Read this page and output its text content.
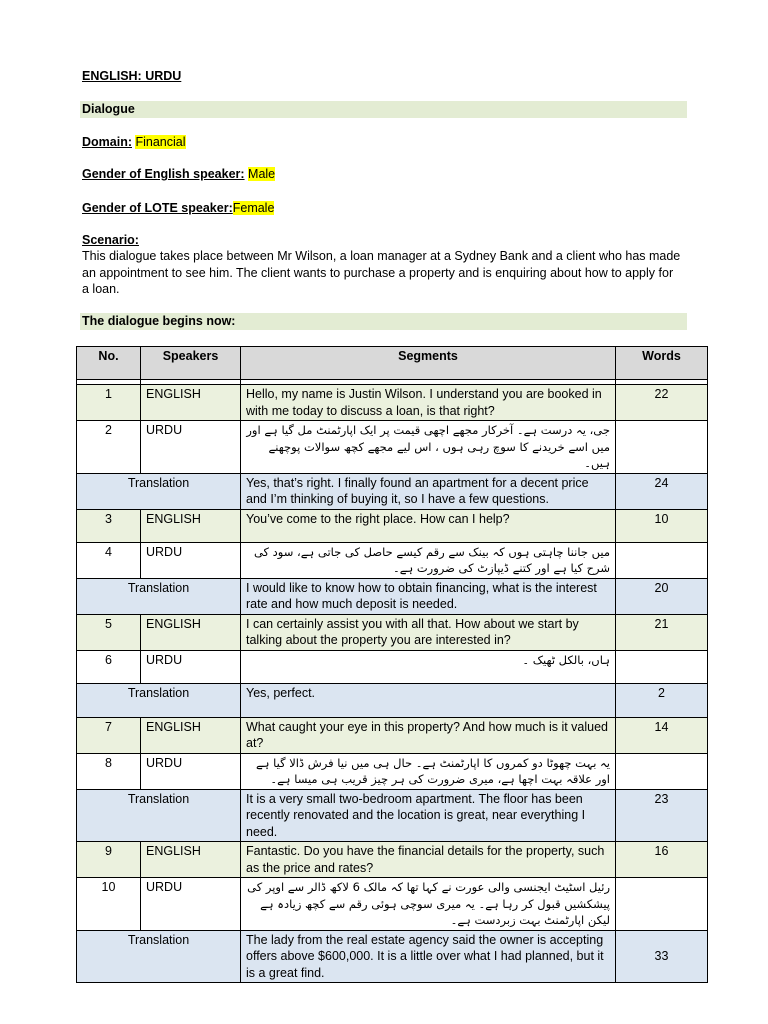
ENGLISH: URDU
Dialogue
Domain: Financial
Gender of English speaker: Male
Gender of LOTE speaker:Female
Scenario:
This dialogue takes place between Mr Wilson, a loan manager at a Sydney Bank and a client who has made an appointment to see him. The client wants to purchase a property and is enquiring about how to apply for a loan.
The dialogue begins now:
No.	Speakers	Segments	Words

1	ENGLISH	Hello, my name is Justin Wilson. I understand you are booked in with me today to discuss a loan, is that right?	22
2	URDU	جی، یہ درست ہے۔ آخرکار مجھے اچھی قیمت پر ایک اپارٹمنٹ مل گیا ہے اور میں اسے خریدنے کا سوچ رہی ہوں ، اس لیے مجھے کچھ سوالات پوچھنے ہیں۔	
Translation		Yes, that’s right. I finally found an apartment for a decent price and I’m thinking of buying it, so I have a few questions.	24
3	ENGLISH	You’ve come to the right place. How can I help?	10
4	URDU	میں جاننا چاہتی ہوں کہ بینک سے رقم کیسے حاصل کی جاتی ہے، سود کی شرح کیا ہے اور کتنے ڈیپازٹ کی ضرورت ہے۔	
Translation		I would like to know how to obtain financing, what is the interest rate and how much deposit is needed.	20
5	ENGLISH	I can certainly assist you with all that. How about we start by talking about the property you are interested in?	21
6	URDU	ہاں، بالکل ٹھیک ۔	
Translation		Yes, perfect.	2
7	ENGLISH	What caught your eye in this property? And how much is it valued at?	14
8	URDU	یہ بہت چھوٹا دو کمروں کا اپارٹمنٹ ہے۔ حال ہی میں نیا فرش ڈالا گیا ہے اور علاقہ بہت اچھا ہے، میری ضرورت کی ہر چیز قریب ہی میسا ہے۔	
Translation		It is a very small two-bedroom apartment. The floor has been recently renovated and the location is great, near everything I need.	23
9	ENGLISH	Fantastic. Do you have the financial details for the property, such as the price and rates?	16
10	URDU	رئیل اسٹیٹ ایجنسی والی عورت نے کہا تھا کہ مالک 6 لاکھ ڈالر سے اوپر کی پیشکشیں قبول کر رہا ہے۔ یہ میری سوچی ہوئی رقم سے کچھ زیادہ ہے لیکن اپارٹمنٹ بہت زبردست ہے۔	
Translation		The lady from the real estate agency said the owner is accepting offers above $600,000. It is a little over what I had planned, but it is a great find.	33
